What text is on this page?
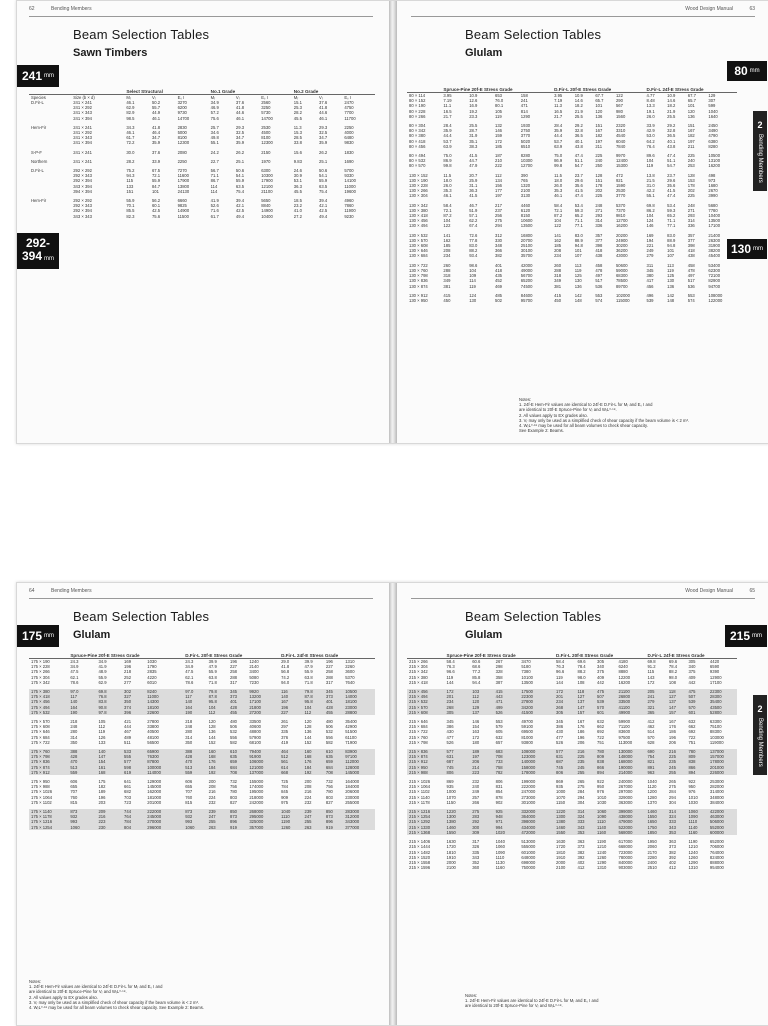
62	Bending Members
Beam Selection Tables
Sawn Timbers
241 mm
292-
394 mm
		Select Structural			No.1 Grade			No.2 Grade		
Species	Size (b × d)	Mᵣ	Vᵣ	Eₛ I	Mᵣ	Vᵣ	Eₛ I	Mᵣ	Vᵣ	Eₛ I
D.Fir-L	241 × 241	46.1	50.2	3270	34.9	37.6	2560	15.1	37.6	2470
	241 × 292	62.9	55.7	6200	46.9	41.8	3250	25.3	41.8	4750
	241 × 343	82.9	44.9	9730	57.2	44.6	5730	28.2	44.6	7700
	241 × 394	98.5	46.1	14700	75.6	46.1	14700	45.5	46.1	11700

Hem-Fir	241 × 241	34.3	41.8	2830	25.7	29.3	2530	11.3	29.3	2250
	241 × 292	46.1	46.4	5000	34.6	32.5	4500	15.3	32.5	4000
	241 × 343	61.7	34.7	8100	49.8	34.7	8100	28.5	34.7	6480
	241 × 394	72.2	35.9	12300	55.1	35.9	12300	33.8	35.9	9830

S-P-F	241 × 241	30.0	37.6	2080	24.2	26.2	2150	15.6	26.2	1830

Northern	241 × 241	28.2	33.9	2250	22.7	25.1	1970	9.83	25.1	1690

D.Fir-L	292 × 292	75.2	67.5	7270	56.7	50.6	6300	24.6	50.6	5700
	292 × 343	94.3	72.1	11600	71.1	54.1	10300	30.9	54.1	9330
	292 × 394	115	55.9	17900	86.7	55.9	17900	53.1	55.9	14100
	343 × 394	133	84.7	13800	114	63.5	12100	36.3	63.5	11000
	394 × 394	151	101	24130	114	75.4	21100	45.5	75.4	19600

Hem-Fir	292 × 292	55.9	56.2	6660	41.9	39.4	5650	18.5	39.4	4960
	292 × 343	70.1	60.1	9825	52.6	42.1	8840	23.2	42.1	7860
	292 × 394	85.5	42.5	14900	71.6	42.5	14900	41.0	42.5	11900
	343 × 343	82.3	75.6	11500	61.7	49.4	10400	27.2	49.4	9230
63
Wood Design Manual
Beam Selection Tables
Glulam
80 mm
2
Bending Members
130 mm
	Spruce-Pine 20f-E Stress Grade				D.Fir-L 20f-E Stress Grade				D.Fir-L 24f-E Stress Grade			
80 × 114	3.95	10.9	653	158	3.95	10.9	67.7	122	4.77	10.9	67.7	129
80 × 152	7.19	12.6	76.0	241	7.19	14.6	65.7	290	8.48	14.6	65.7	307
80 × 190	11.1	16.9	80.1	471	11.3	18.2	101	567	13.3	18.2	101	599
80 × 228	16.5	19.2	105	814	16.5	21.9	120	980	19.1	21.9	120	1040
80 × 266	21.7	23.3	119	1290	21.7	25.5	136	1560	26.0	25.5	136	1640

80 × 304	28.4	25.5	132	1930	28.4	29.2	151	2320	33.9	29.2	151	2450
80 × 342	35.9	28.7	146	2750	35.9	32.8	167	3310	42.9	32.8	167	3490
80 × 380	44.4	31.9	159	3770	44.4	36.5	182	4540	53.0	36.5	182	4790
80 × 418	53.7	35.1	172	5020	53.7	40.1	197	6040	64.2	40.1	197	6380
80 × 456	63.9	38.3	185	6510	63.9	43.8	211	7840	76.4	43.8	211	8280

80 × 494	75.0	41.5	187	8280	75.0	47.4	225	9970	89.6	47.4	225	10500
80 × 532	86.9	44.7	210	10300	86.9	51.1	240	12400	104	51.1	240	13100
80 × 570	99.8	47.9	222	12700	99.8	54.7	250	15300	119	54.7	253	16200

130 × 152	11.5	20.7	112	390	11.5	23.7	128	472	13.8	23.7	128	498
130 × 190	18.0	25.9	134	765	18.0	29.6	151	921	21.5	29.6	153	973
130 × 228	26.0	31.1	156	1320	26.0	35.6	178	1590	31.0	35.6	178	1680
130 × 266	35.3	36.3	177	2100	35.3	41.5	202	2530	42.2	41.5	202	2670
130 × 304	46.1	41.5	197	3130	46.1	47.4	225	3770	55.1	47.4	225	3990

130 × 342	58.4	46.7	217	4460	58.4	53.4	248	5370	69.8	53.4	248	5680
130 × 380	72.1	51.9	237	6120	72.1	59.3	271	7370	86.2	59.3	271	7780
130 × 418	87.2	57.1	256	8150	87.2	65.2	293	9810	104	65.2	293	10400
130 × 456	104	62.2	275	10600	104	71.1	314	12700	124	71.1	314	13500
130 × 494	122	67.4	294	13500	122	77.1	336	16200	146	77.1	336	17100

130 × 532	141	72.6	312	16800	141	83.0	357	20200	169	83.0	357	21400
130 × 570	162	77.8	330	20700	162	88.9	377	24900	194	88.9	377	26300
130 × 608	185	83.0	348	25100	185	94.8	398	30200	221	94.8	398	31900
130 × 646	208	88.2	366	30100	208	101	418	36200	249	101	418	38200
130 × 684	234	93.4	382	35700	234	107	438	43000	279	107	438	45400

130 × 722	260	98.6	401	42000	260	113	458	50600	311	113	458	53400
130 × 760	288	104	418	49000	288	119	478	59000	345	119	478	62300
130 × 798	318	109	435	56700	318	125	497	68300	380	125	497	72100
130 × 836	349	114	452	65200	349	130	517	78500	417	130	517	82900
130 × 874	381	119	469	74500	381	136	536	89700	456	136	536	94700

130 × 912	415	124	485	84600	415	142	553	102000	496	142	553	108000
130 × 950	450	130	502	95700	450	148	574	115000	539	148	574	122000
Notes:
1. 24f-E Hem-Fir values are identical to 24f-E D.Fir-L for Mᵣ and Eₛ I and
are identical to 20f-E Spruce-Pine for Vᵣ and WᵣL⁰·¹⁸.
2. All values apply to EX grades also.
3. Vᵣ may only be used as a simplified check of shear capacity if the beam volume is < 2 m³.
4. WᵣL⁰·¹⁸ may be used for all beam volumes to check shear capacity.
See Example 2: Beams.
64	Bending Members
Beam Selection Tables
Glulam
175 mm
	Spruce-Pine 20f-E Stress Grade				D.Fir-L 20f-E Stress Grade				D.Fir-L 24f-E Stress Grade			
175 × 190	24.3	34.9	169	1030	24.3	39.9	196	1240	29.0	39.9	196	1310
175 × 228	34.9	41.9	196	1790	34.9	47.9	227	2140	41.8	47.9	227	2260
175 × 266	47.5	48.9	218	2835	47.5	55.9	258	3400	56.8	55.9	258	3600
175 × 304	62.1	55.9	252	4220	62.1	63.8	288	5080	74.2	63.8	288	5370
175 × 342	78.6	62.9	277	6010	78.6	71.8	317	7230	94.0	71.8	317	7640

175 × 380	97.0	69.8	302	8240	97.0	79.8	345	9920	116	79.8	345	10500
175 × 418	117	76.8	327	11000	117	87.8	373	13200	140	87.8	373	14000
175 × 456	140	83.8	350	14300	140	95.8	401	17100	167	95.8	401	18100
175 × 494	164	90.8	374	18100	164	104	428	21800	196	104	428	23000
175 × 532	190	97.8	396	22600	190	112	455	27200	227	112	455	28800

175 × 570	218	105	421	27800	218	120	480	33500	261	120	480	35400
175 × 608	248	112	444	33800	248	128	506	40600	297	128	506	42900
175 × 646	280	119	467	40500	280	136	532	48800	335	136	532	51500
175 × 684	314	126	489	48100	314	144	556	57900	376	144	556	61100
175 × 722	350	133	511	56500	350	152	582	68100	419	152	582	71900

175 × 760	388	140	533	65900	388	160	610	79400	464	160	610	83900
175 × 798	428	147	555	76300	428	168	635	91900	512	168	635	97100
175 × 836	470	154	577	87800	470	176	659	106000	561	176	659	112000
175 × 874	513	161	598	100000	513	184	684	121000	614	184	684	128000
175 × 912	559	168	619	114000	559	192	708	137000	668	192	708	145000

175 × 950	606	175	641	129000	606	200	732	155000	725	200	732	164000
175 × 988	655	182	661	145000	655	208	756	174000	784	208	756	184000
175 × 1026	707	189	682	162000	707	216	780	195000	845	216	780	206000
175 × 1064	760	196	703	181000	760	224	803	218000	909	224	803	230000
175 × 1102	815	203	723	201000	815	232	827	242000	975	232	827	255000

175 × 1140	873	209	744	222000	873	239	850	268000	1040	239	850	283000
175 × 1178	932	216	764	245000	932	247	873	295000	1110	247	873	312000
175 × 1216	993	223	784	270000	993	255	896	325000	1190	255	896	343000
175 × 1254	1060	230	804	296000	1060	263	919	357000	1260	263	919	377000
Notes:
1. 24f-E Hem-Fir values are identical to 24f-E D.Fir-L for Mᵣ and Eₛ I and
are identical to 20f-E Spruce-Pine for Vᵣ and WᵣL⁰·¹⁸.
2. All values apply to EX grades also.
3. Vᵣ may only be used as a simplified check of shear capacity if the beam volume is < 2 m³.
4. WᵣL⁰·¹⁸ may be used for all beam volumes to check shear capacity. See Example 2: Beams.
65
Wood Design Manual
Beam Selection Tables
Glulam	215 mm
2
Bending Members
	Spruce-Pine 20f-E Stress Grade				D.Fir-L 20f-E Stress Grade				D.Fir-L 24f-E Stress Grade			
215 × 266	58.4	60.6	267	3470	58.4	69.6	305	4180	69.8	69.6	305	4420
215 × 304	76.3	68.6	298	5180	76.3	78.4	340	6240	91.2	78.4	340	6590
215 × 342	96.6	77.2	328	7380	96.6	88.2	375	8880	115	88.2	375	9390
215 × 380	119	85.8	358	10100	119	98.0	409	12200	143	98.0	409	12900
215 × 418	144	94.4	387	13500	144	108	442	16200	172	108	442	17100

215 × 456	172	103	415	17500	172	118	475	21100	205	118	475	22300
215 × 494	201	112	443	22300	201	127	507	26800	241	127	507	28300
215 × 532	234	120	471	27800	234	137	539	33500	279	137	539	35400
215 × 570	268	129	499	34200	268	147	570	41100	321	147	570	43500
215 × 608	305	137	526	41500	305	157	601	49900	365	157	601	52800

215 × 646	345	146	553	49700	345	167	632	59900	412	167	632	63300
215 × 684	386	154	579	59100	386	176	662	71100	462	176	662	75100
215 × 722	430	163	605	69500	430	186	692	83600	514	186	692	88300
215 × 760	477	172	632	81000	477	196	722	97500	570	196	722	103000
215 × 798	526	180	657	93800	526	206	751	113000	628	206	751	119000

215 × 836	577	189	683	108000	577	216	780	130000	690	216	780	137000
215 × 874	631	197	708	123000	631	225	809	148000	754	225	809	157000
215 × 912	687	206	733	140000	687	235	838	168000	821	235	838	178000
215 × 950	745	214	758	158000	745	245	866	190000	891	245	866	201000
215 × 988	806	223	782	178000	806	255	894	214000	963	255	894	226000

215 × 1026	869	232	806	199000	869	265	922	240000	1040	265	922	253000
215 × 1064	935	240	831	222000	935	275	950	267000	1120	275	950	282000
215 × 1102	1000	249	854	247000	1000	284	976	297000	1200	284	976	314000
215 × 1140	1070	257	878	273000	1070	294	1010	329000	1280	294	1010	348000
215 × 1178	1150	266	902	301000	1150	304	1030	363000	1370	304	1030	384000

215 × 1216	1220	275	925	332000	1220	314	1060	399000	1460	314	1060	422000
215 × 1254	1300	283	948	364000	1300	324	1090	438000	1550	324	1090	463000
215 × 1292	1380	292	971	398000	1380	333	1110	479000	1650	333	1110	506000
215 × 1330	1460	300	994	434000	1460	343	1140	522000	1750	343	1140	552000
215 × 1368	1550	309	1020	472000	1550	353	1160	568000	1850	353	1160	600000

215 × 1406	1630	317	1040	513000	1630	363	1190	617000	1950	363	1190	652000
215 × 1444	1720	326	1060	555000	1720	373	1210	668000	2060	373	1210	706000
215 × 1482	1810	335	1090	601000	1810	382	1240	723000	2170	382	1240	764000
215 × 1520	1910	343	1110	648000	1910	392	1260	780000	2280	392	1260	824000
215 × 1558	2000	352	1130	698000	2000	402	1290	840000	2400	402	1290	888000
215 × 1596	2100	360	1160	750000	2100	412	1310	903000	2510	412	1310	954000
Notes:
1. 24f-E Hem-Fir values are identical to 24f-E D.Fir-L for Mᵣ and Eₛ I and
are identical to 20f-E Spruce-Pine for Vᵣ and WᵣL⁰·¹⁸.
